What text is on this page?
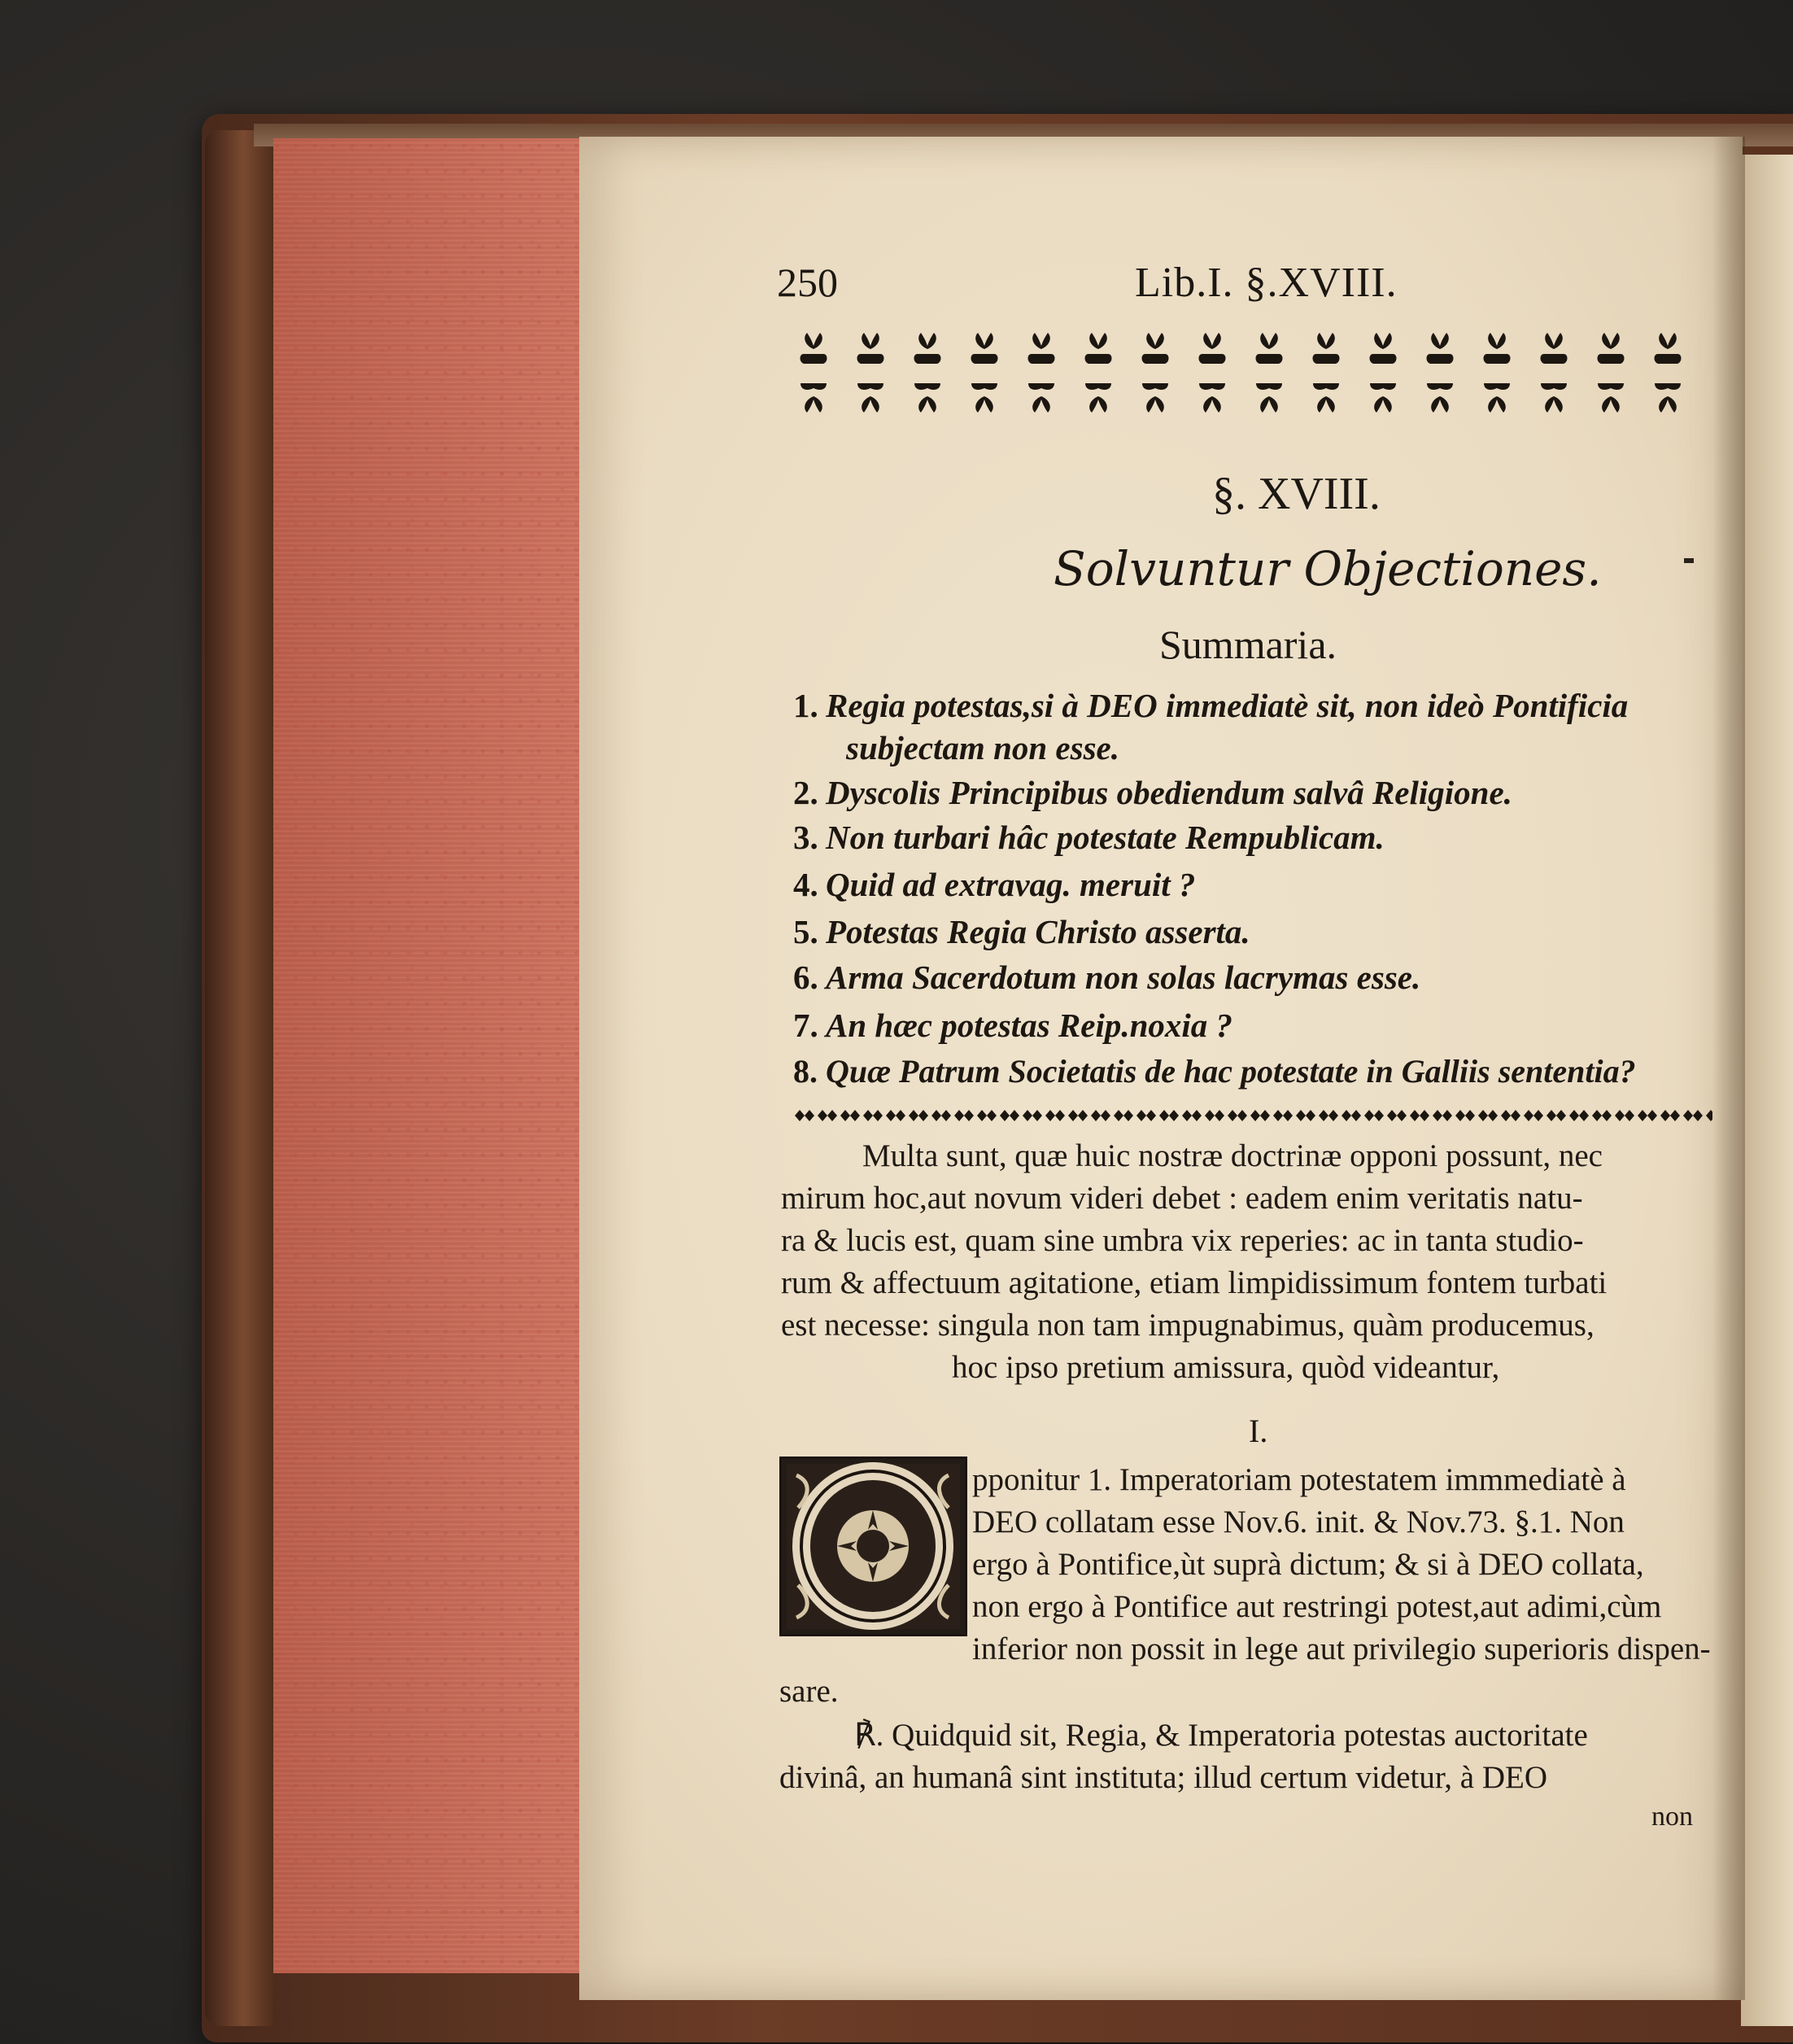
250	Lib.I. §.XVIII.
§. XVIII.
Solvuntur Objectiones.
Summaria.
1. Regia potestas,si à DEO immediatè sit, non ideò Pontificia
subjectam non esse.
2. Dyscolis Principibus obediendum salvâ Religione.
3. Non turbari hâc potestate Rempublicam.
4. Quid ad extravag. meruit ?
5. Potestas Regia Christo asserta.
6. Arma Sacerdotum non solas lacrymas esse.
7. An hæc potestas Reip.noxia ?
8. Quæ Patrum Societatis de hac potestate in Galliis sententia?
Multa sunt, quæ huic nostræ doctrinæ opponi possunt, nec
mirum hoc,aut novum videri debet : eadem enim veritatis natu-
ra & lucis est, quam sine umbra vix reperies: ac in tanta studio-
rum & affectuum agitatione, etiam limpidissimum fontem turbati
est necesse: singula non tam impugnabimus, quàm producemus,
hoc ipso pretium amissura, quòd videantur,
I.
pponitur 1. Imperatoriam potestatem immmediatè à
DEO collatam esse Nov.6. init. & Nov.73. §.1. Non
ergo à Pontifice,ùt suprà dictum; & si à DEO collata,
non ergo à Pontifice aut restringi potest,aut adimi,cùm
inferior non possit in lege aut privilegio superioris dispen-
sare.
℟. Quidquid sit, Regia, & Imperatoria potestas auctoritate
divinâ, an humanâ sint instituta; illud certum videtur, à DEO
non
